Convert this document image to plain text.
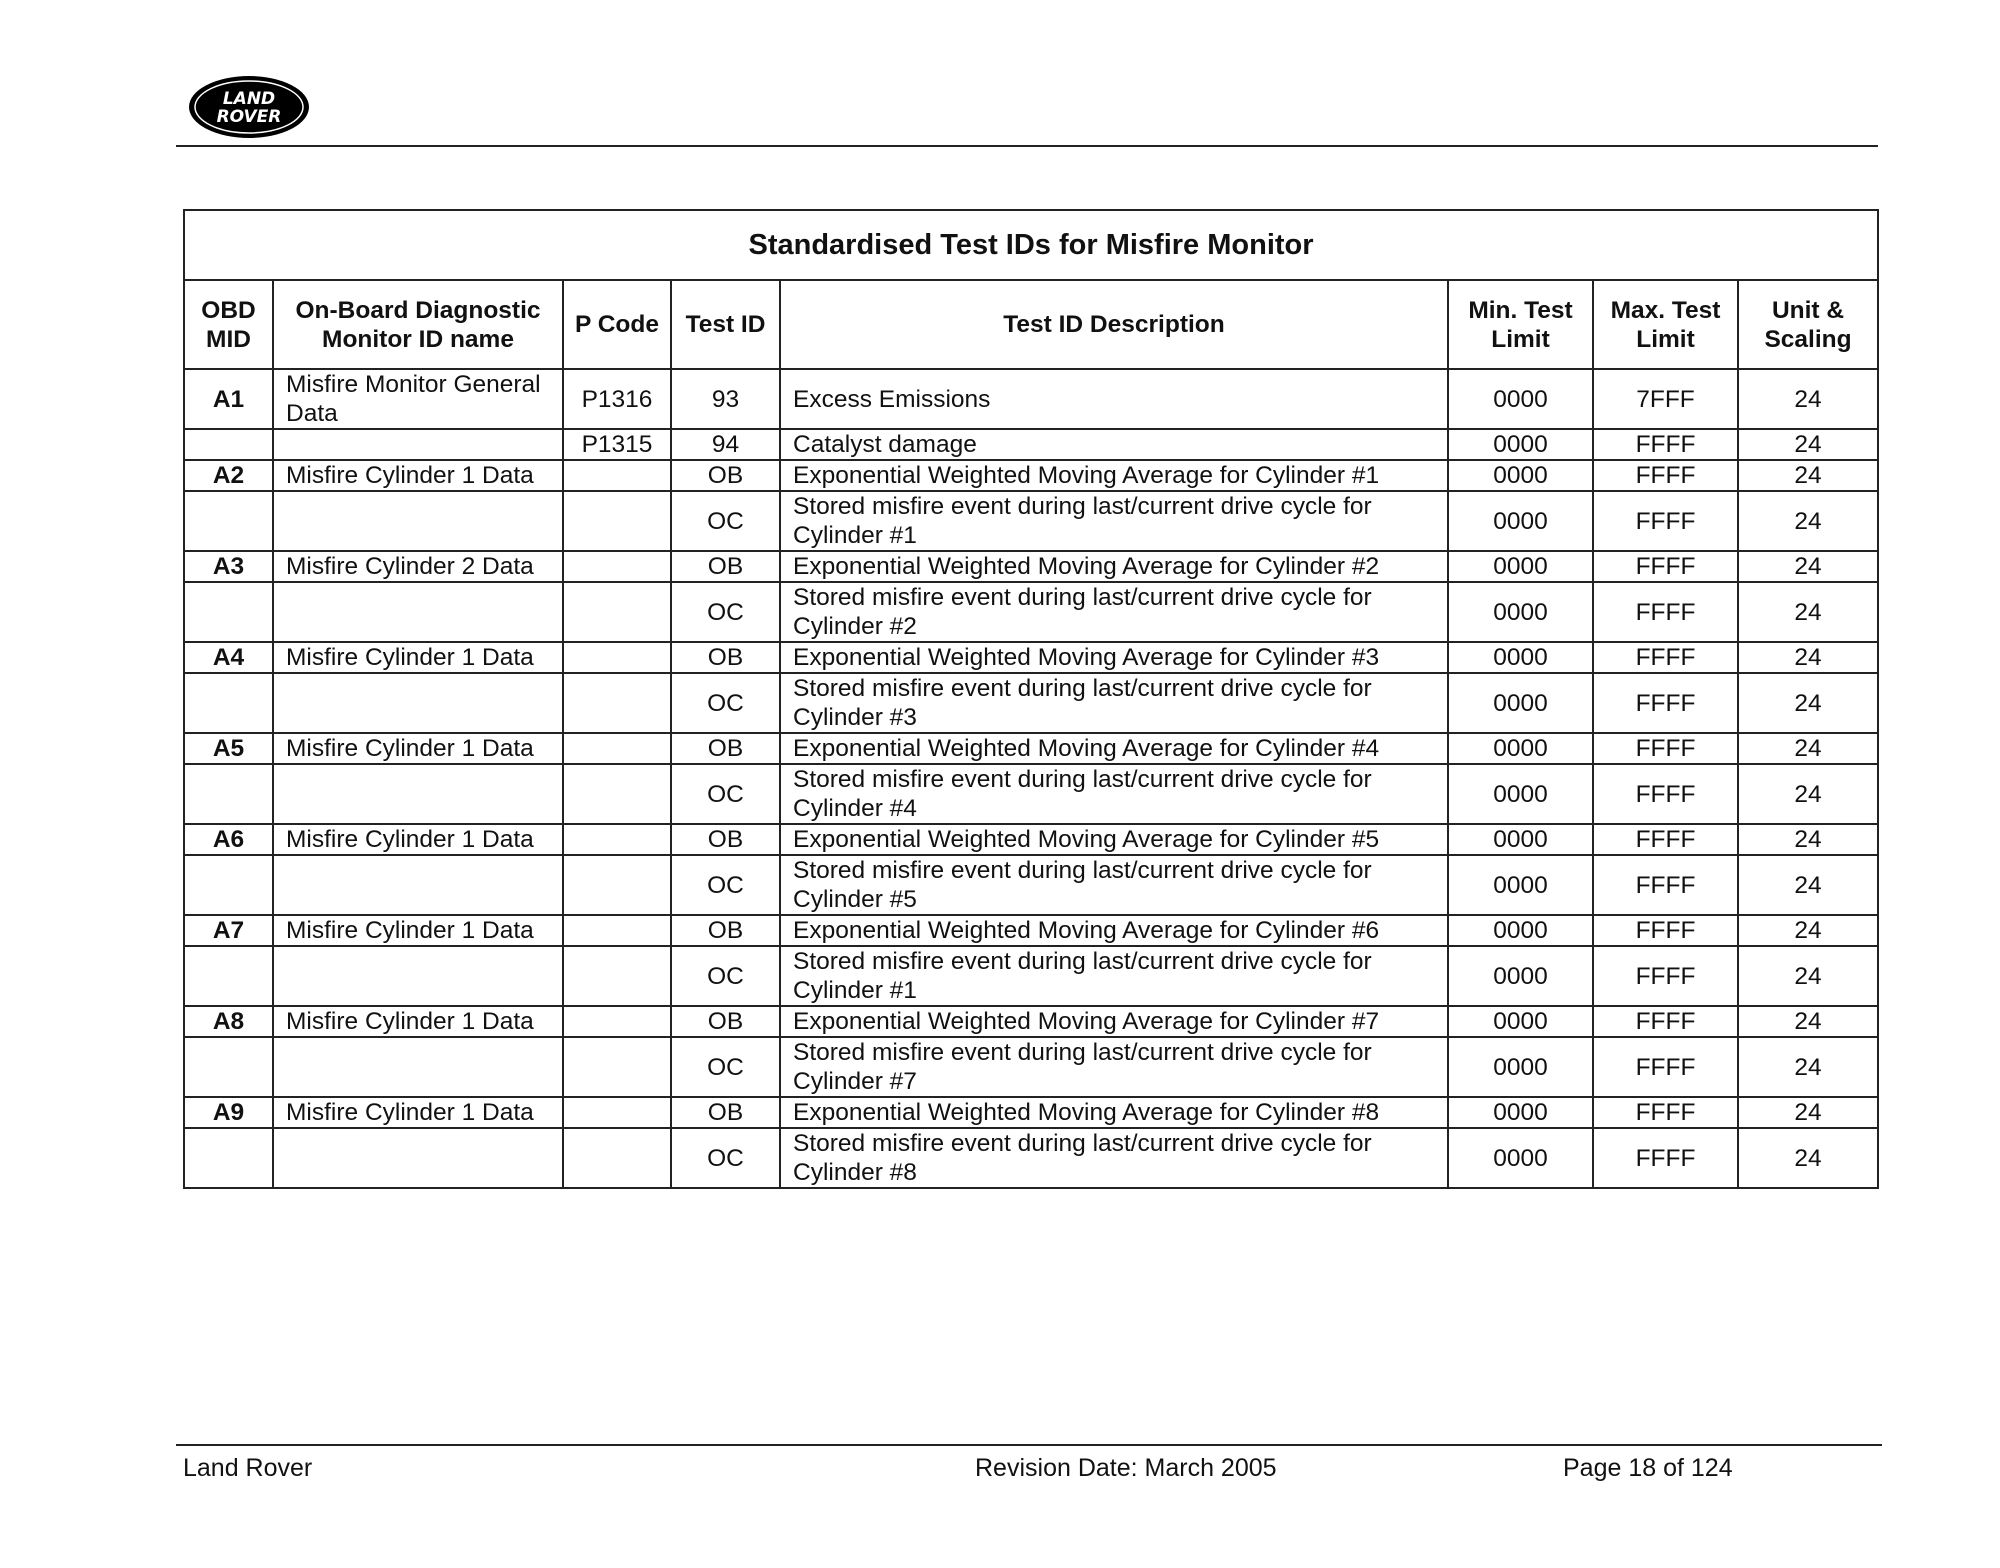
LAND
ROVER
Standardised Test IDs for Misfire Monitor							
OBD MID	On-Board Diagnostic Monitor ID name	P Code	Test ID	Test ID Description	Min. Test Limit	Max. Test Limit	Unit & Scaling
A1	Misfire Monitor General Data	P1316	93	Excess Emissions	0000	7FFF	24
		P1315	94	Catalyst damage	0000	FFFF	24
A2	Misfire Cylinder 1 Data		OB	Exponential Weighted Moving Average for Cylinder #1	0000	FFFF	24
			OC	Stored misfire event during last/current drive cycle for Cylinder #1	0000	FFFF	24
A3	Misfire Cylinder 2 Data		OB	Exponential Weighted Moving Average for Cylinder #2	0000	FFFF	24
			OC	Stored misfire event during last/current drive cycle for Cylinder #2	0000	FFFF	24
A4	Misfire Cylinder 1 Data		OB	Exponential Weighted Moving Average for Cylinder #3	0000	FFFF	24
			OC	Stored misfire event during last/current drive cycle for Cylinder #3	0000	FFFF	24
A5	Misfire Cylinder 1 Data		OB	Exponential Weighted Moving Average for Cylinder #4	0000	FFFF	24
			OC	Stored misfire event during last/current drive cycle for Cylinder #4	0000	FFFF	24
A6	Misfire Cylinder 1 Data		OB	Exponential Weighted Moving Average for Cylinder #5	0000	FFFF	24
			OC	Stored misfire event during last/current drive cycle for Cylinder #5	0000	FFFF	24
A7	Misfire Cylinder 1 Data		OB	Exponential Weighted Moving Average for Cylinder #6	0000	FFFF	24
			OC	Stored misfire event during last/current drive cycle for Cylinder #1	0000	FFFF	24
A8	Misfire Cylinder 1 Data		OB	Exponential Weighted Moving Average for Cylinder #7	0000	FFFF	24
			OC	Stored misfire event during last/current drive cycle for Cylinder #7	0000	FFFF	24
A9	Misfire Cylinder 1 Data		OB	Exponential Weighted Moving Average for Cylinder #8	0000	FFFF	24
			OC	Stored misfire event during last/current drive cycle for Cylinder #8	0000	FFFF	24
Land Rover	Revision Date: March 2005	Page 18 of 124
